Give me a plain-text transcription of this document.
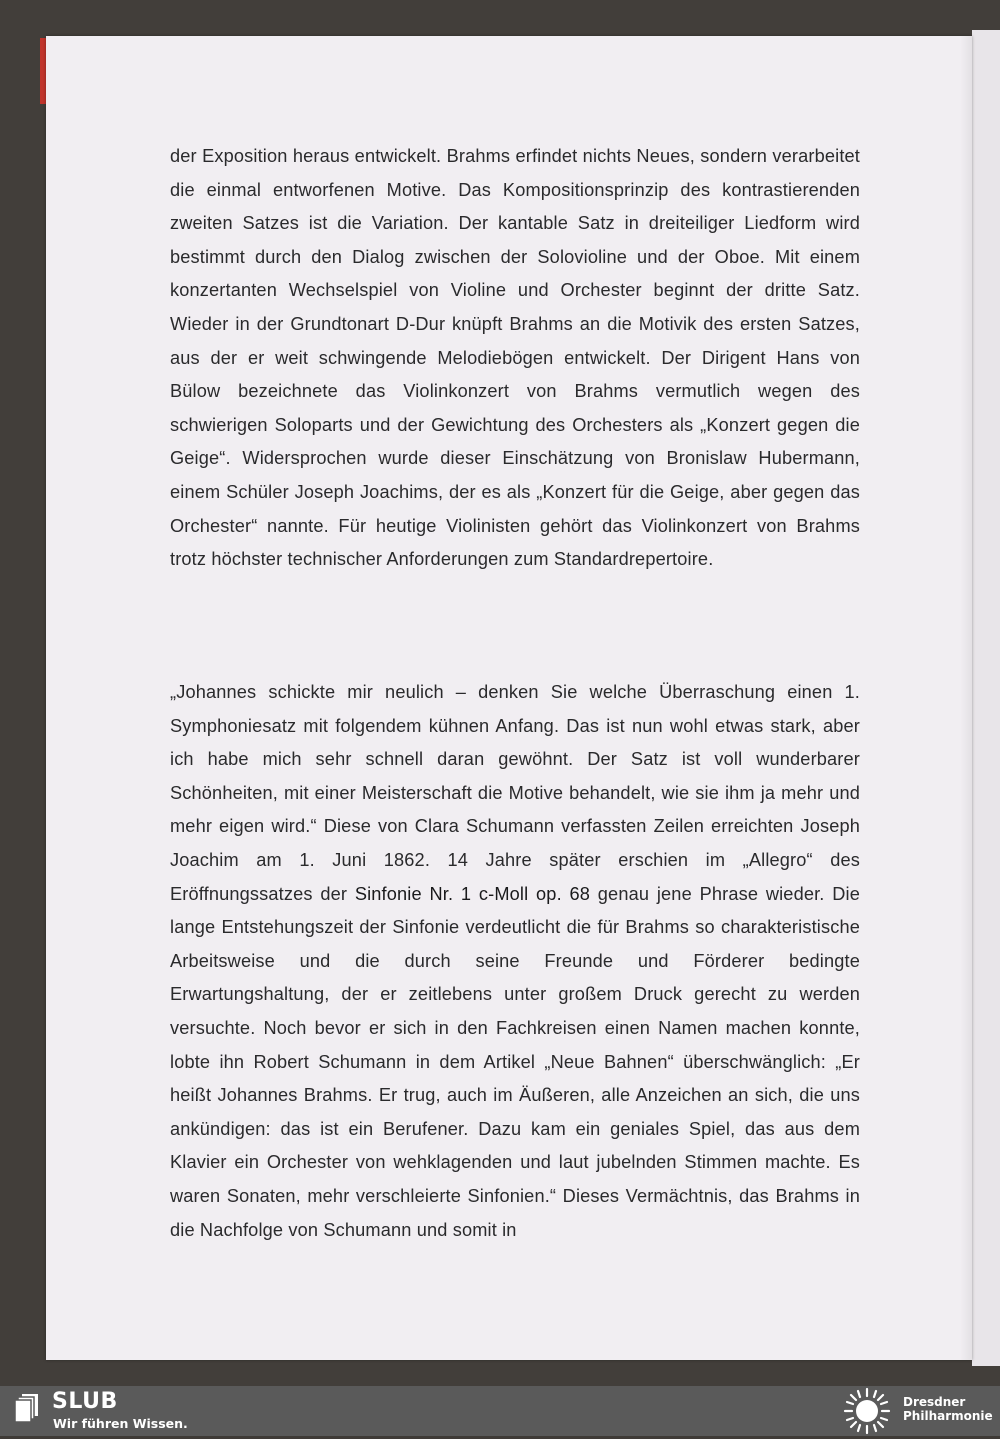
der Exposition heraus entwickelt. Brahms erfindet nichts Neues, sondern verarbeitet die einmal entworfenen Motive. Das Kompositionsprinzip des kontrastierenden zweiten Satzes ist die Variation. Der kantable Satz in dreiteiliger Liedform wird bestimmt durch den Dialog zwischen der Solovioline und der Oboe. Mit einem konzertanten Wechselspiel von Violine und Orchester beginnt der dritte Satz. Wieder in der Grundtonart D-Dur knüpft Brahms an die Motivik des ersten Satzes, aus der er weit schwingende Melodiebögen entwickelt. Der Dirigent Hans von Bülow bezeichnete das Violinkonzert von Brahms vermutlich wegen des schwierigen Soloparts und der Gewichtung des Orchesters als „Konzert gegen die Geige“. Widersprochen wurde dieser Einschätzung von Bronislaw Hubermann, einem Schüler Joseph Joachims, der es als „Konzert für die Geige, aber gegen das Orchester“ nannte. Für heutige Violinisten gehört das Violinkonzert von Brahms trotz höchster technischer Anforderungen zum Standardrepertoire.

„Johannes schickte mir neulich – denken Sie welche Überraschung einen 1. Symphoniesatz mit folgendem kühnen Anfang. Das ist nun wohl etwas stark, aber ich habe mich sehr schnell daran gewöhnt. Der Satz ist voll wunderbarer Schönheiten, mit einer Meisterschaft die Motive behandelt, wie sie ihm ja mehr und mehr eigen wird.“ Diese von Clara Schumann verfassten Zeilen erreichten Joseph Joachim am 1. Juni 1862. 14 Jahre später erschien im „Allegro“ des Eröffnungssatzes der Sinfonie Nr. 1 c-Moll op. 68 genau jene Phrase wieder. Die lange Entstehungszeit der Sinfonie verdeutlicht die für Brahms so charakteristische Arbeitsweise und die durch seine Freunde und Förderer bedingte Erwartungshaltung, der er zeitlebens unter großem Druck gerecht zu werden versuchte. Noch bevor er sich in den Fachkreisen einen Namen machen konnte, lobte ihn Robert Schumann in dem Artikel „Neue Bahnen“ überschwänglich: „Er heißt Johannes Brahms. Er trug, auch im Äußeren, alle Anzeichen an sich, die uns ankündigen: das ist ein Berufener. Dazu kam ein geniales Spiel, das aus dem Klavier ein Orchester von wehklagenden und laut jubelnden Stimmen machte. Es waren Sonaten, mehr verschleierte Sinfonien.“ Dieses Vermächtnis, das Brahms in die Nachfolge von Schumann und somit in

SLUB
Wir führen Wissen.
Dresdner
Philharmonie
